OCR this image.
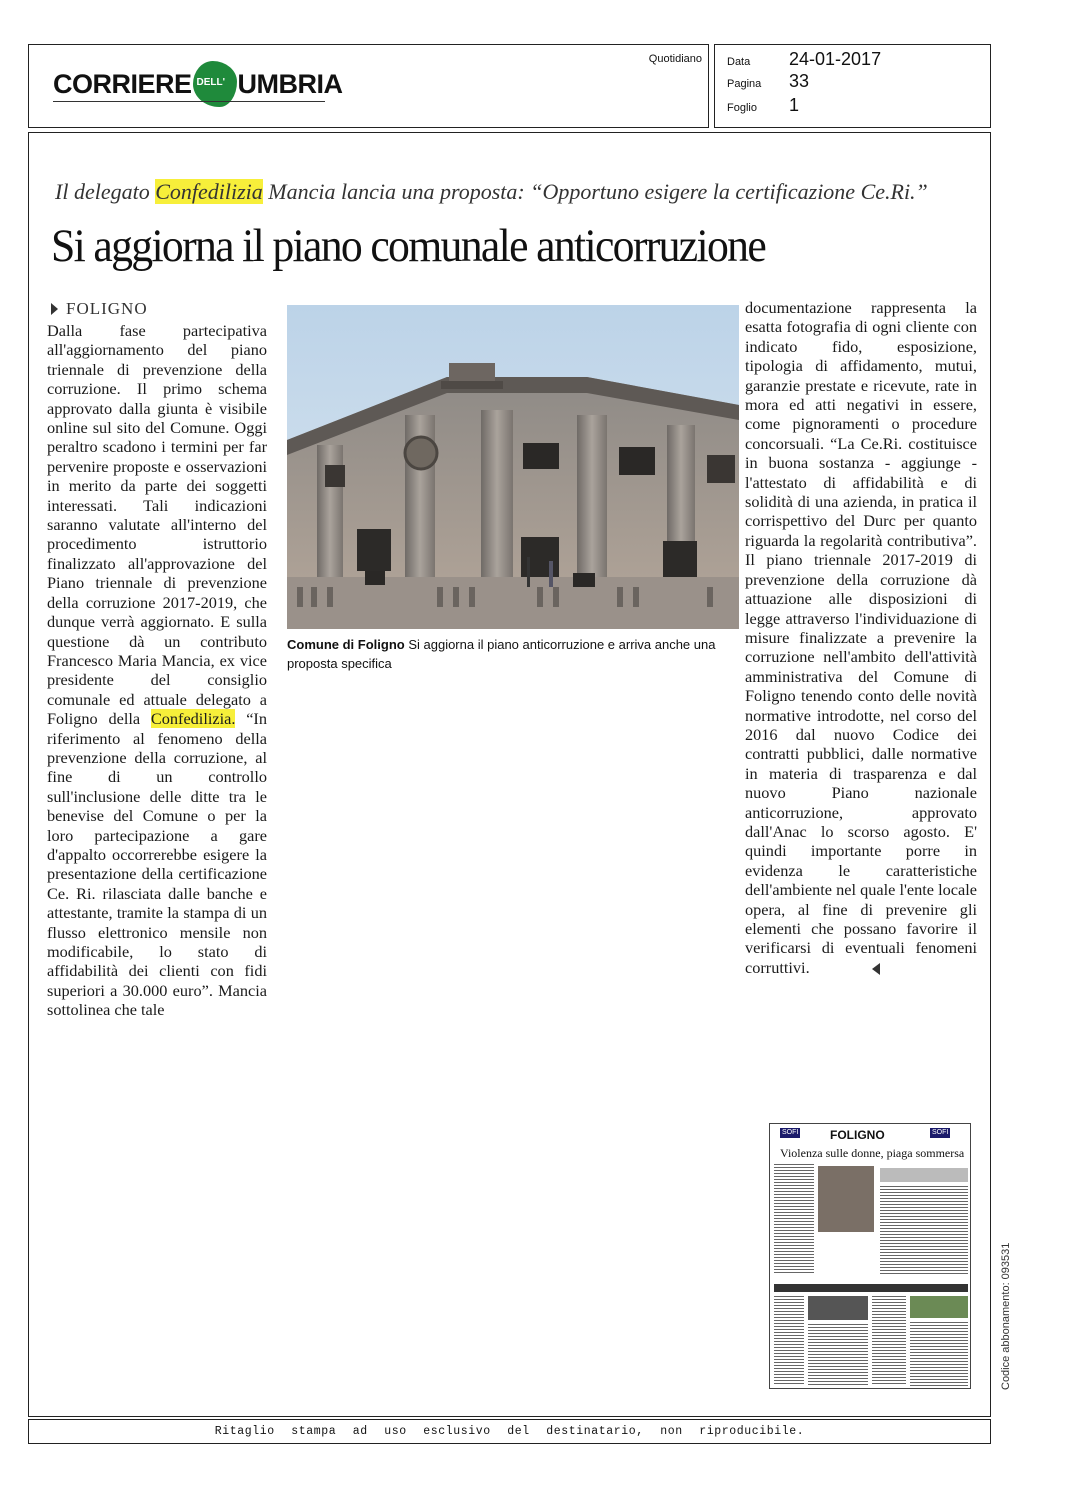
CORRIERE DELL' UMBRIA
Quotidiano Data	24-01-2017
Pagina	33
Foglio	1
Il delegato Confedilizia Mancia lancia una proposta: “Opportuno esigere la certificazione Ce.Ri.”
Si aggiorna il piano comunale anticorruzione
FOLIGNO
Dalla fase partecipativa all'aggiornamento del piano triennale di prevenzione della corruzione. Il primo schema approvato dalla giunta è visibile online sul sito del Comune. Oggi peraltro scadono i termini per far pervenire proposte e osservazioni in merito da parte dei soggetti interessati. Tali indicazioni saranno valutate all'interno del procedimento istruttorio finalizzato all'approvazione del Piano triennale di prevenzione della corruzione 2017-2019, che dunque verrà aggiornato. E sulla questione dà un contributo Francesco Maria Mancia, ex vice presidente del consiglio comunale ed attuale delegato a Foligno della Confedilizia. “In riferimento al fenomeno della prevenzione della corruzione, al fine di un controllo sull'inclusione delle ditte tra le benevise del Comune o per la loro partecipazione a gare d'appalto occorrerebbe esigere la presentazione della certificazione Ce. Ri. rilasciata dalle banche e attestante, tramite la stampa di un flusso elettronico mensile non modificabile, lo stato di affidabilità dei clienti con fidi superiori a 30.000 euro”. Mancia sottolinea che tale
Comune di Foligno Si aggiorna il piano anticorruzione e arriva anche una proposta specifica
documentazione rappresenta la esatta fotografia di ogni cliente con indicato fido, esposizione, tipologia di affidamento, mutui, garanzie prestate e ricevute, rate in mora ed atti negativi in essere, come pignoramenti o procedure concorsuali. “La Ce.Ri. costituisce in buona sostanza - aggiunge - l'attestato di affidabilità e di solidità di una azienda, in pratica il corrispettivo del Durc per quanto riguarda la regolarità contributiva”. Il piano triennale 2017-2019 di prevenzione della corruzione dà attuazione alle disposizioni di legge attraverso l'individuazione di misure finalizzate a prevenire la corruzione nell'ambito dell'attività amministrativa del Comune di Foligno tenendo conto delle novità normative introdotte, nel corso del 2016 dal nuovo Codice dei contratti pubblici, dalle normative in materia di trasparenza e dal nuovo Piano nazionale anticorruzione, approvato dall'Anac lo scorso agosto. E' quindi importante porre in evidenza le caratteristiche dell'ambiente nel quale l'ente locale opera, al fine di prevenire gli elementi che possano favorire il verificarsi di eventuali fenomeni corruttivi.
SOFI	FOLIGNO	SOFI
Violenza sulle donne, piaga sommersa
Ritaglio stampa ad uso esclusivo del destinatario, non riproducibile.
Codice abbonamento: 093531
